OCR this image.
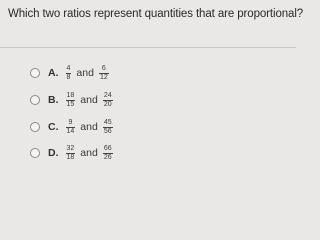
Which two ratios represent quantities that are proportional?
A. $\frac{4}{8}$ and $\frac{6}{12}$
B. $\frac{18}{15}$ and $\frac{24}{20}$
C. $\frac{9}{14}$ and $\frac{45}{56}$
D. $\frac{32}{18}$ and $\frac{66}{26}$
